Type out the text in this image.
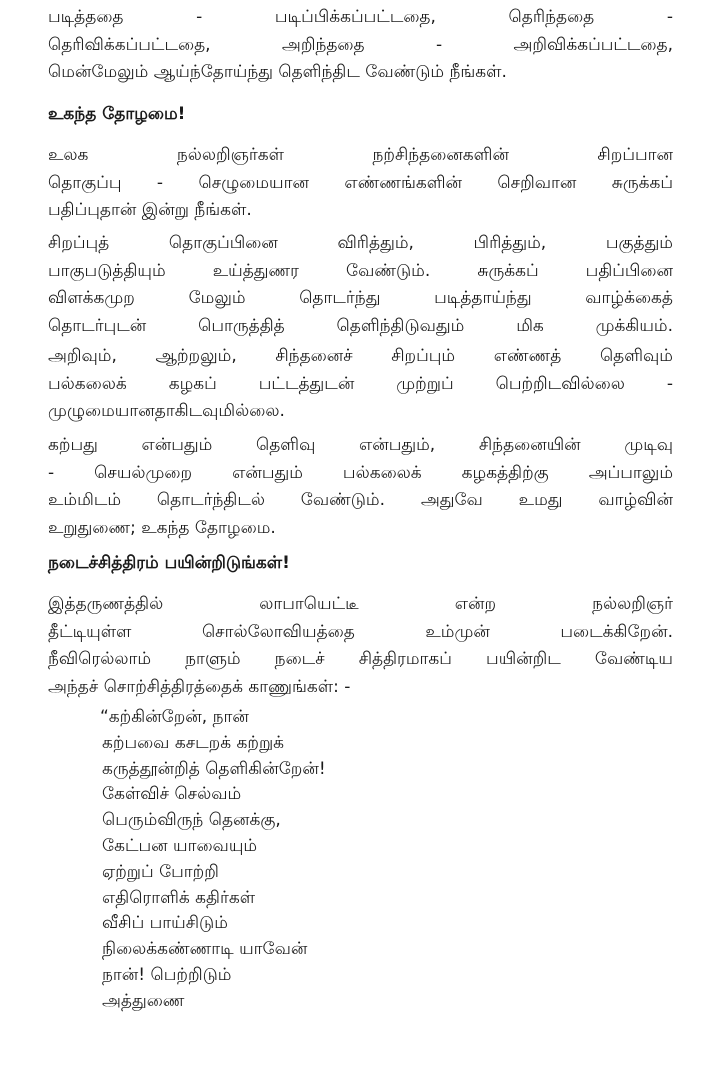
படித்ததை - படிப்பிக்கப்பட்டதை, தெரிந்ததை -
தெரிவிக்கப்பட்டதை, அறிந்ததை - அறிவிக்கப்பட்டதை,
மென்மேலும் ஆய்ந்தோய்ந்து தெளிந்திட வேண்டும் நீங்கள்.
உகந்த தோழமை!
உலக நல்லறிஞர்கள் நற்சிந்தனைகளின் சிறப்பான
தொகுப்பு - செழுமையான எண்ணங்களின் செறிவான சுருக்கப்
பதிப்புதான் இன்று நீங்கள்.
சிறப்புத் தொகுப்பினை விரித்தும், பிரித்தும், பகுத்தும்
பாகுபடுத்தியும் உய்த்துணர வேண்டும். சுருக்கப் பதிப்பினை
விளக்கமுற மேலும் தொடர்ந்து படித்தாய்ந்து வாழ்க்கைத்
தொடர்புடன் பொருத்தித் தெளிந்திடுவதும் மிக முக்கியம்.
அறிவும், ஆற்றலும், சிந்தனைச் சிறப்பும் எண்ணத் தெளிவும்
பல்கலைக் கழகப் பட்டத்துடன் முற்றுப் பெற்றிடவில்லை -
முழுமையானதாகிடவுமில்லை.
கற்பது என்பதும் தெளிவு என்பதும், சிந்தனையின் முடிவு
- செயல்முறை என்பதும் பல்கலைக் கழகத்திற்கு அப்பாலும்
உம்மிடம் தொடர்ந்திடல் வேண்டும். அதுவே உமது வாழ்வின்
உறுதுணை; உகந்த தோழமை.
நடைச்சித்திரம் பயின்றிடுங்கள்!
இத்தருணத்தில் லாபாயெட்டீ என்ற நல்லறிஞர்
தீட்டியுள்ள சொல்லோவியத்தை உம்முன் படைக்கிறேன்.
நீவிரெல்லாம் நாளும் நடைச் சித்திரமாகப் பயின்றிட வேண்டிய
அந்தச் சொற்சித்திரத்தைக் காணுங்கள்: -
“கற்கின்றேன், நான்
கற்பவை கசடறக் கற்றுக்
கருத்தூன்றித் தெளிகின்றேன்!
கேள்விச் செல்வம்
பெரும்விருந் தெனக்கு,
கேட்பன யாவையும்
ஏற்றுப் போற்றி
எதிரொளிக் கதிர்கள்
வீசிப் பாய்சிடும்
நிலைக்கண்ணாடி யாவேன்
நான்! பெற்றிடும்
அத்துணை
